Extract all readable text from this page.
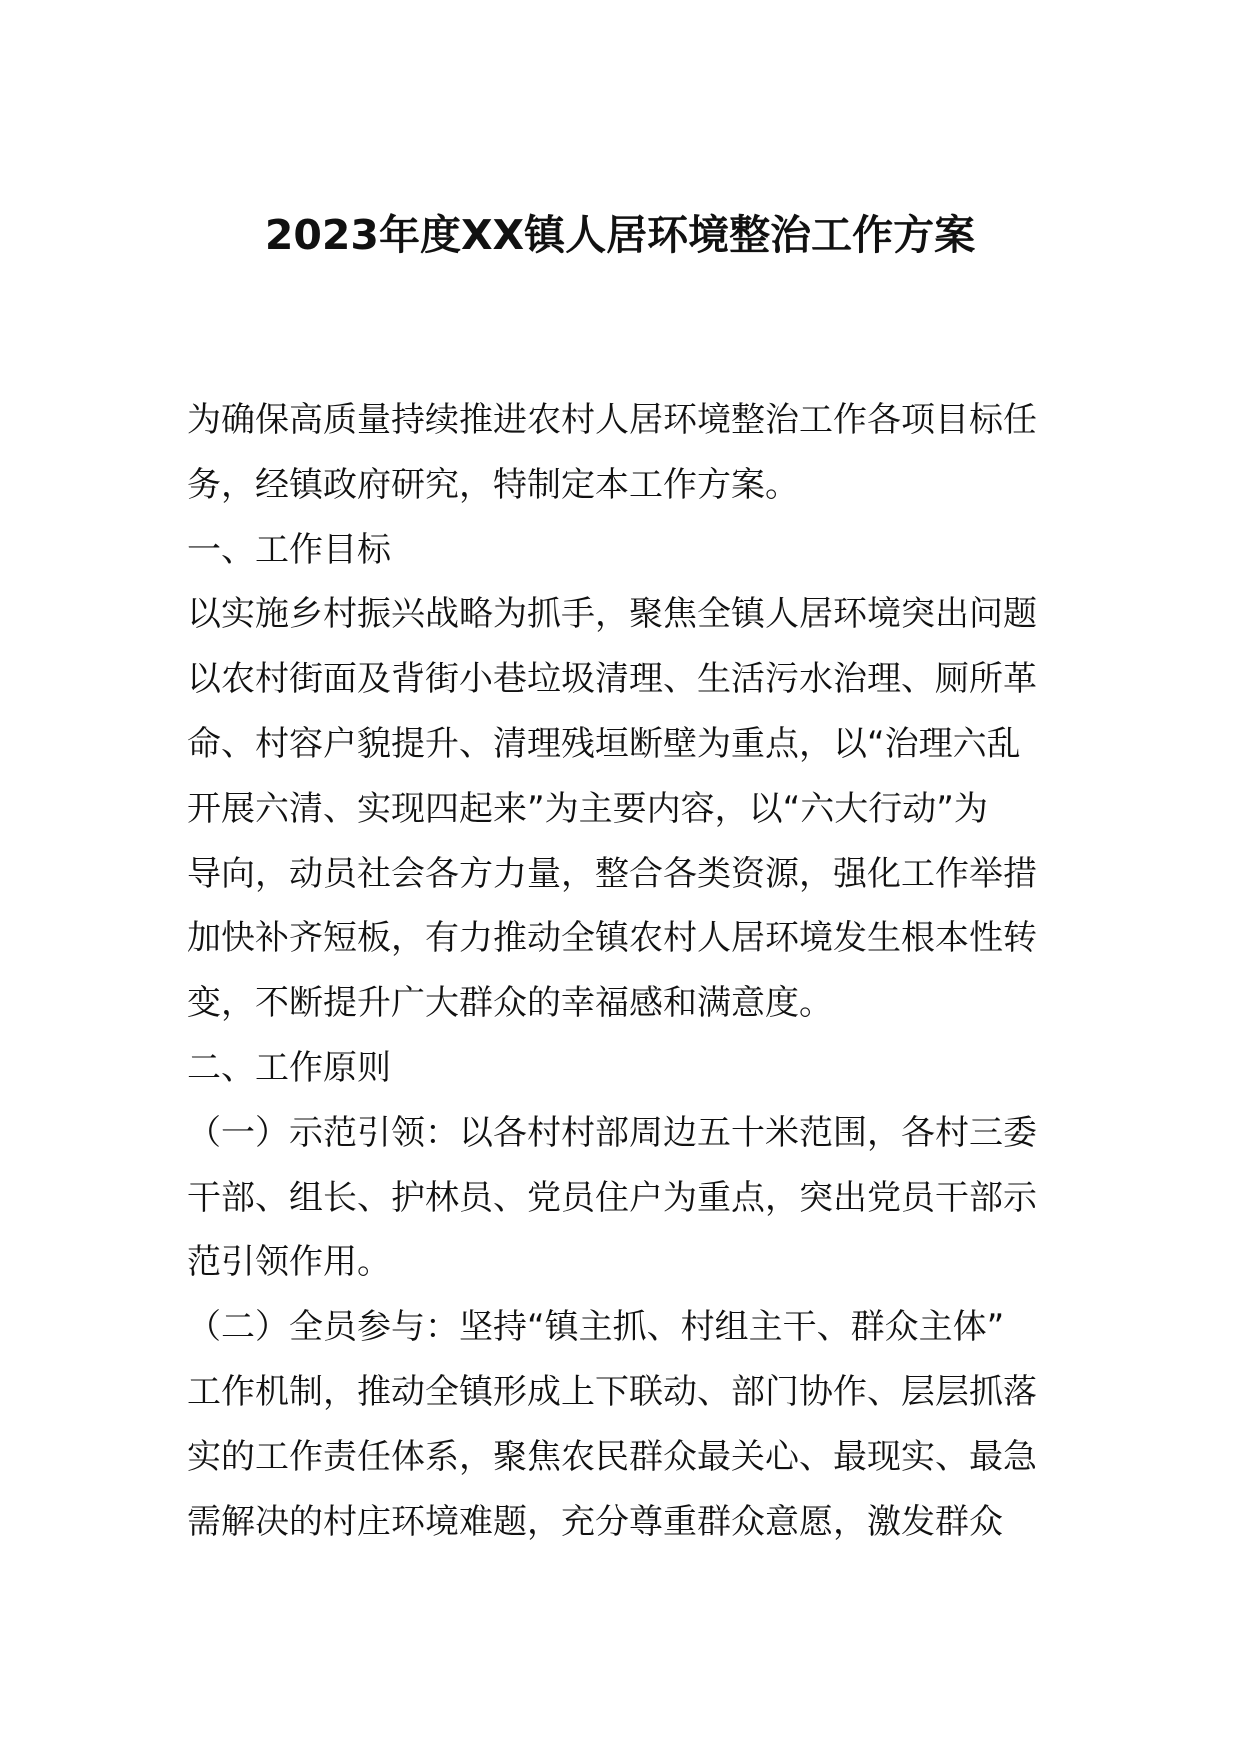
2023年度XX镇人居环境整治工作方案
为确保高质量持续推进农村人居环境整治工作各项目标任
务，经镇政府研究，特制定本工作方案。
一、工作目标
以实施乡村振兴战略为抓手，聚焦全镇人居环境突出问题
以农村街面及背街小巷垃圾清理、生活污水治理、厕所革
命、村容户貌提升、清理残垣断壁为重点，以“治理六乱
开展六清、实现四起来”为主要内容，以“六大行动”为
导向，动员社会各方力量，整合各类资源，强化工作举措
加快补齐短板，有力推动全镇农村人居环境发生根本性转
变，不断提升广大群众的幸福感和满意度。
二、工作原则
（一）示范引领：以各村村部周边五十米范围，各村三委
干部、组长、护林员、党员住户为重点，突出党员干部示
范引领作用。
（二）全员参与：坚持“镇主抓、村组主干、群众主体”
工作机制，推动全镇形成上下联动、部门协作、层层抓落
实的工作责任体系，聚焦农民群众最关心、最现实、最急
需解决的村庄环境难题，充分尊重群众意愿，激发群众
